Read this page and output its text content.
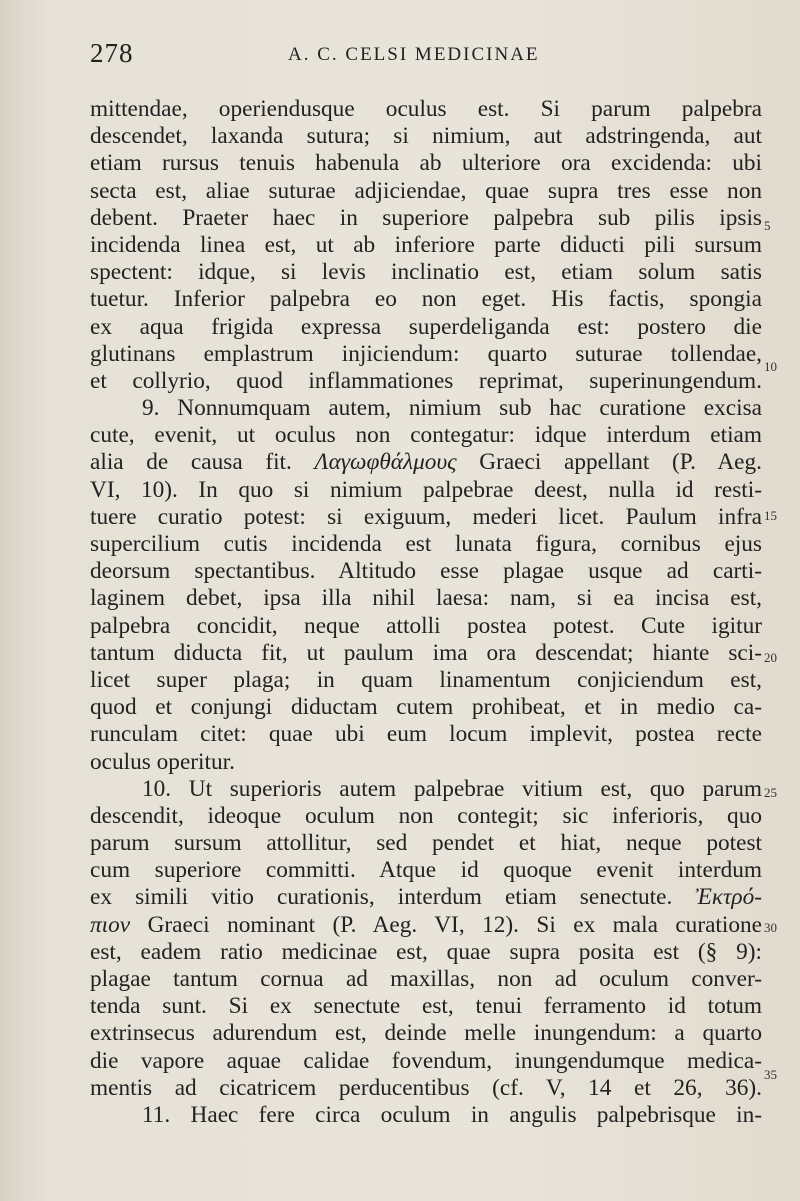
278	A. C. CELSI MEDICINAE
mittendae, operiendusque oculus est. Si parum palpebra
descendet, laxanda sutura; si nimium, aut adstringenda, aut
etiam rursus tenuis habenula ab ulteriore ora excidenda: ubi
secta est, aliae suturae adjiciendae, quae supra tres esse non
debent. Praeter haec in superiore palpebra sub pilis ipsis
incidenda linea est, ut ab inferiore parte diducti pili sursum
spectent: idque, si levis inclinatio est, etiam solum satis
tuetur. Inferior palpebra eo non eget. His factis, spongia
ex aqua frigida expressa superdeliganda est: postero die
glutinans emplastrum injiciendum: quarto suturae tollendae,
et collyrio, quod inflammationes reprimat, superinungendum.
9. Nonnumquam autem, nimium sub hac curatione excisa
cute, evenit, ut oculus non contegatur: idque interdum etiam
alia de causa fit. Λαγωφθάλμους Graeci appellant (P. Aeg.
VI, 10). In quo si nimium palpebrae deest, nulla id resti-
tuere curatio potest: si exiguum, mederi licet. Paulum infra
supercilium cutis incidenda est lunata figura, cornibus ejus
deorsum spectantibus. Altitudo esse plagae usque ad carti-
laginem debet, ipsa illa nihil laesa: nam, si ea incisa est,
palpebra concidit, neque attolli postea potest. Cute igitur
tantum diducta fit, ut paulum ima ora descendat; hiante sci-
licet super plaga; in quam linamentum conjiciendum est,
quod et conjungi diductam cutem prohibeat, et in medio ca-
runculam citet: quae ubi eum locum implevit, postea recte
oculus operitur.
10. Ut superioris autem palpebrae vitium est, quo parum
descendit, ideoque oculum non contegit; sic inferioris, quo
parum sursum attollitur, sed pendet et hiat, neque potest
cum superiore committi. Atque id quoque evenit interdum
ex simili vitio curationis, interdum etiam senectute. Ἐκτρό-
πιον Graeci nominant (P. Aeg. VI, 12). Si ex mala curatione
est, eadem ratio medicinae est, quae supra posita est (§ 9):
plagae tantum cornua ad maxillas, non ad oculum conver-
tenda sunt. Si ex senectute est, tenui ferramento id totum
extrinsecus adurendum est, deinde melle inungendum: a quarto
die vapore aquae calidae fovendum, inungendumque medica-
mentis ad cicatricem perducentibus (cf. V, 14 et 26, 36).
11. Haec fere circa oculum in angulis palpebrisque in-
5
10
15
20
25
30
35
